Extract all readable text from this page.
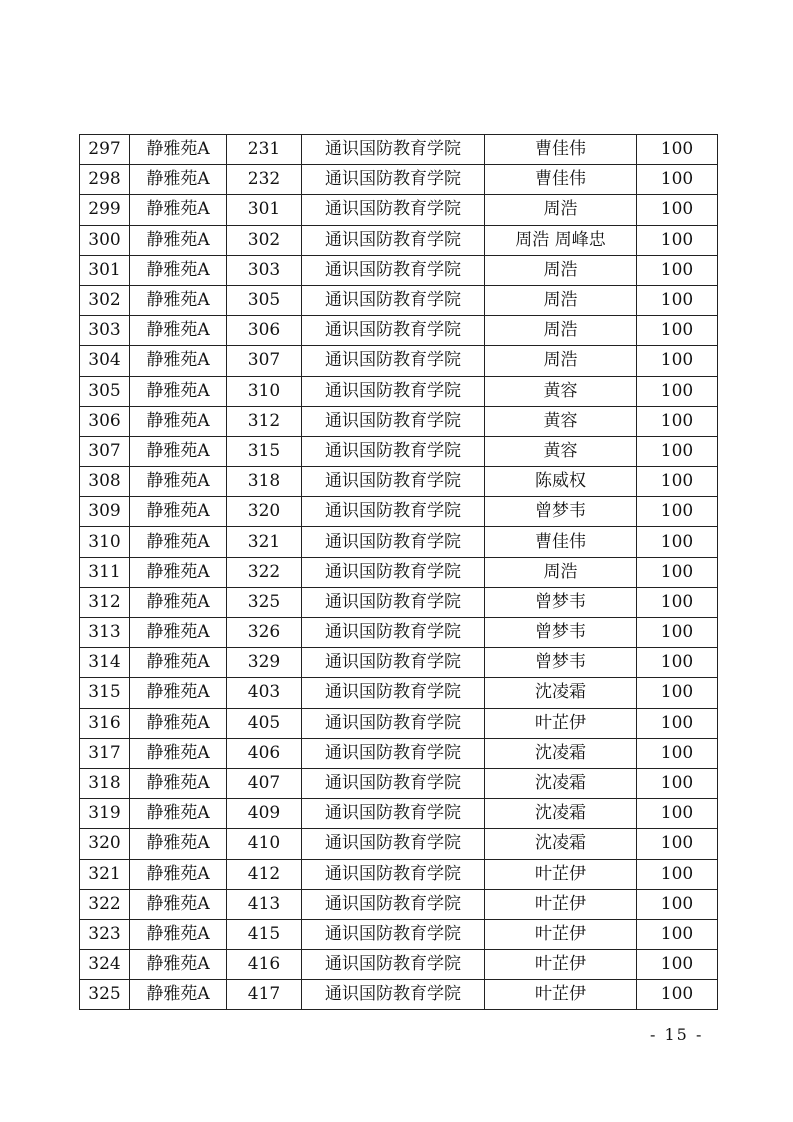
297	静雅苑A	231	通识国防教育学院	曹佳伟	100
298	静雅苑A	232	通识国防教育学院	曹佳伟	100
299	静雅苑A	301	通识国防教育学院	周浩	100
300	静雅苑A	302	通识国防教育学院	周浩 周峰忠	100
301	静雅苑A	303	通识国防教育学院	周浩	100
302	静雅苑A	305	通识国防教育学院	周浩	100
303	静雅苑A	306	通识国防教育学院	周浩	100
304	静雅苑A	307	通识国防教育学院	周浩	100
305	静雅苑A	310	通识国防教育学院	黄容	100
306	静雅苑A	312	通识国防教育学院	黄容	100
307	静雅苑A	315	通识国防教育学院	黄容	100
308	静雅苑A	318	通识国防教育学院	陈威权	100
309	静雅苑A	320	通识国防教育学院	曾梦韦	100
310	静雅苑A	321	通识国防教育学院	曹佳伟	100
311	静雅苑A	322	通识国防教育学院	周浩	100
312	静雅苑A	325	通识国防教育学院	曾梦韦	100
313	静雅苑A	326	通识国防教育学院	曾梦韦	100
314	静雅苑A	329	通识国防教育学院	曾梦韦	100
315	静雅苑A	403	通识国防教育学院	沈凌霜	100
316	静雅苑A	405	通识国防教育学院	叶芷伊	100
317	静雅苑A	406	通识国防教育学院	沈凌霜	100
318	静雅苑A	407	通识国防教育学院	沈凌霜	100
319	静雅苑A	409	通识国防教育学院	沈凌霜	100
320	静雅苑A	410	通识国防教育学院	沈凌霜	100
321	静雅苑A	412	通识国防教育学院	叶芷伊	100
322	静雅苑A	413	通识国防教育学院	叶芷伊	100
323	静雅苑A	415	通识国防教育学院	叶芷伊	100
324	静雅苑A	416	通识国防教育学院	叶芷伊	100
325	静雅苑A	417	通识国防教育学院	叶芷伊	100
- 15 -
